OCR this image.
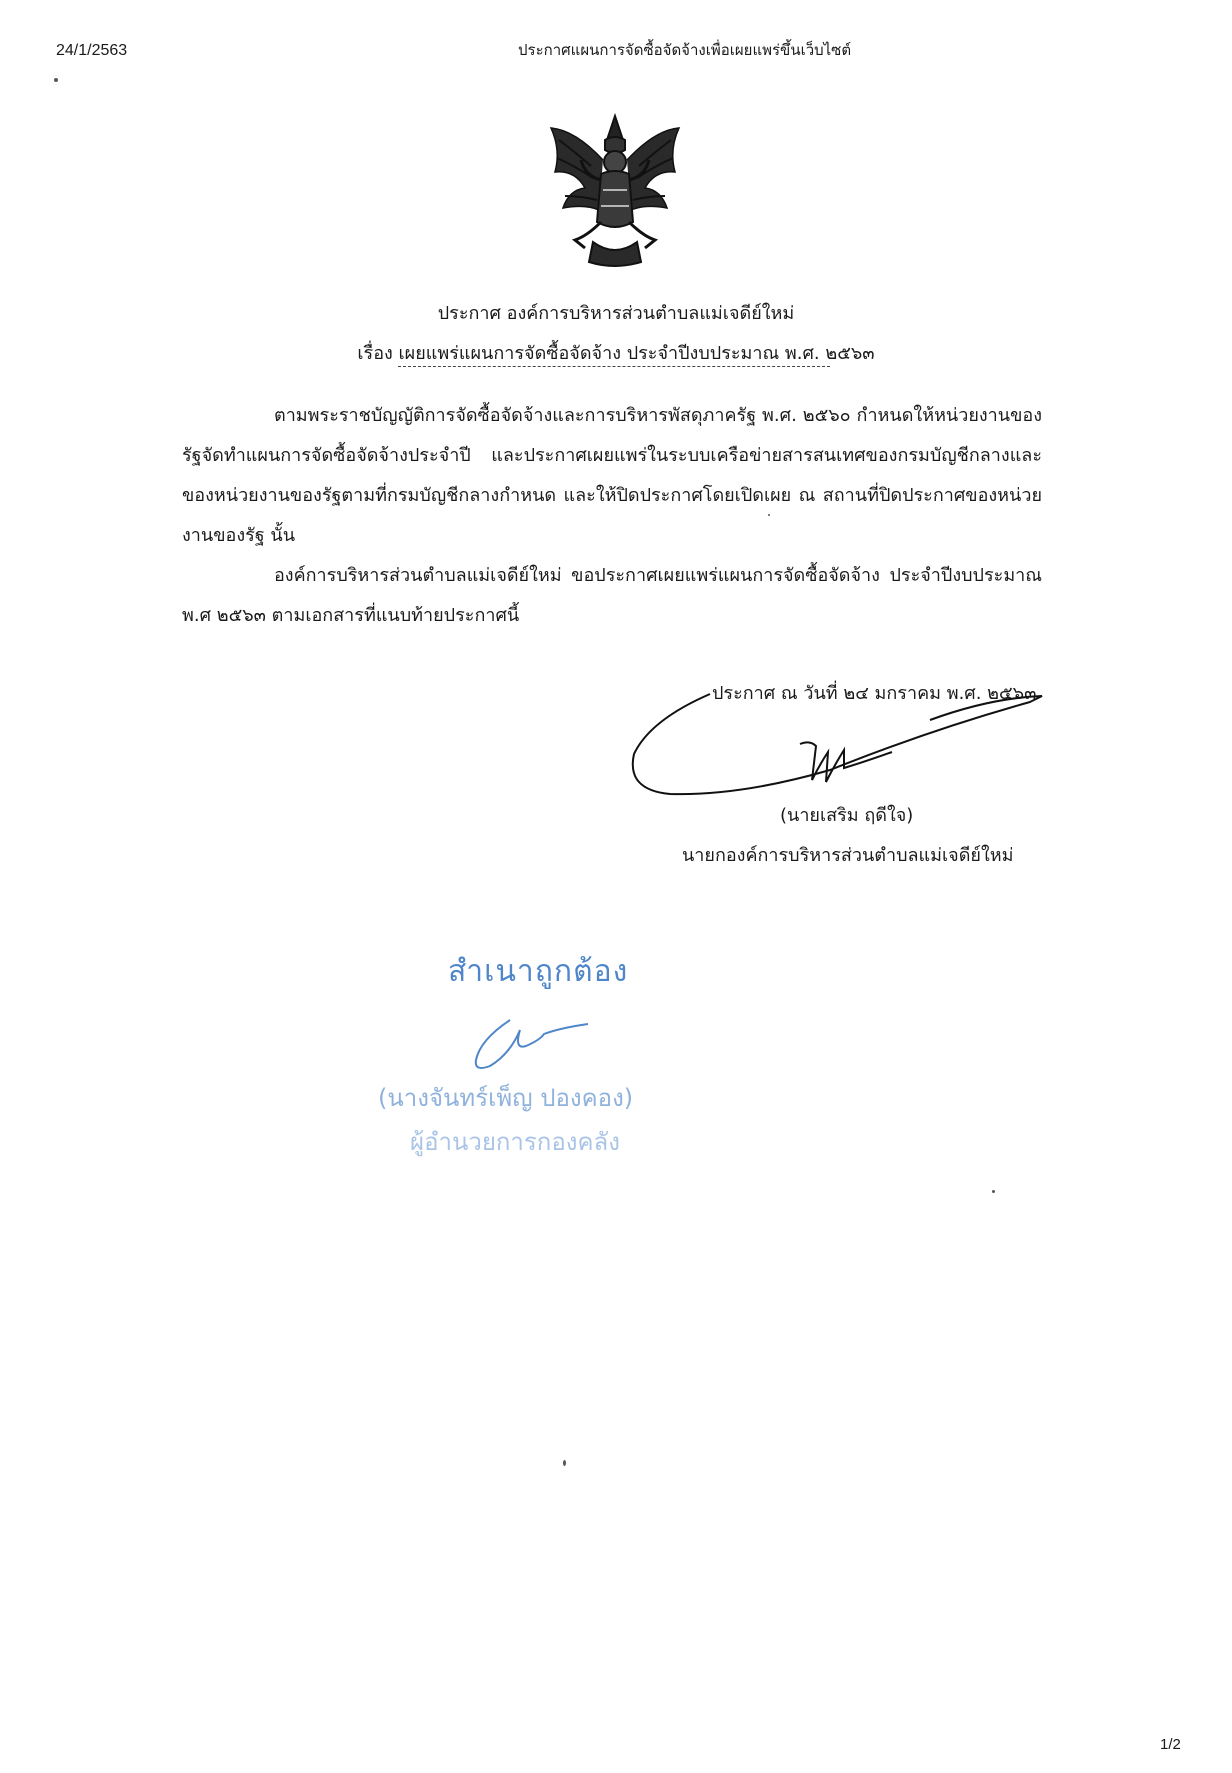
24/1/2563	ประกาศแผนการจัดซื้อจัดจ้างเพื่อเผยแพร่ขึ้นเว็บไซต์
ประกาศ องค์การบริหารส่วนตำบลแม่เจดีย์ใหม่
เรื่อง เผยแพร่แผนการจัดซื้อจัดจ้าง ประจำปีงบประมาณ พ.ศ. ๒๕๖๓
ตามพระราชบัญญัติการจัดซื้อจัดจ้างและการบริหารพัสดุภาครัฐ พ.ศ. ๒๕๖๐ กำหนดให้หน่วยงานของรัฐจัดทำแผนการจัดซื้อจัดจ้างประจำปี และประกาศเผยแพร่ในระบบเครือข่ายสารสนเทศของกรมบัญชีกลางและของหน่วยงานของรัฐตามที่กรมบัญชีกลางกำหนด และให้ปิดประกาศโดยเปิดเผย ณ สถานที่ปิดประกาศของหน่วยงานของรัฐ นั้น
องค์การบริหารส่วนตำบลแม่เจดีย์ใหม่ ขอประกาศเผยแพร่แผนการจัดซื้อจัดจ้าง ประจำปีงบประมาณ พ.ศ ๒๕๖๓ ตามเอกสารที่แนบท้ายประกาศนี้
ประกาศ ณ วันที่ ๒๔ มกราคม พ.ศ. ๒๕๖๓
(นายเสริม ฤดีใจ)
นายกองค์การบริหารส่วนตำบลแม่เจดีย์ใหม่
สำเนาถูกต้อง
(นางจันทร์เพ็ญ ปองคอง)
ผู้อำนวยการกองคลัง
1/2
